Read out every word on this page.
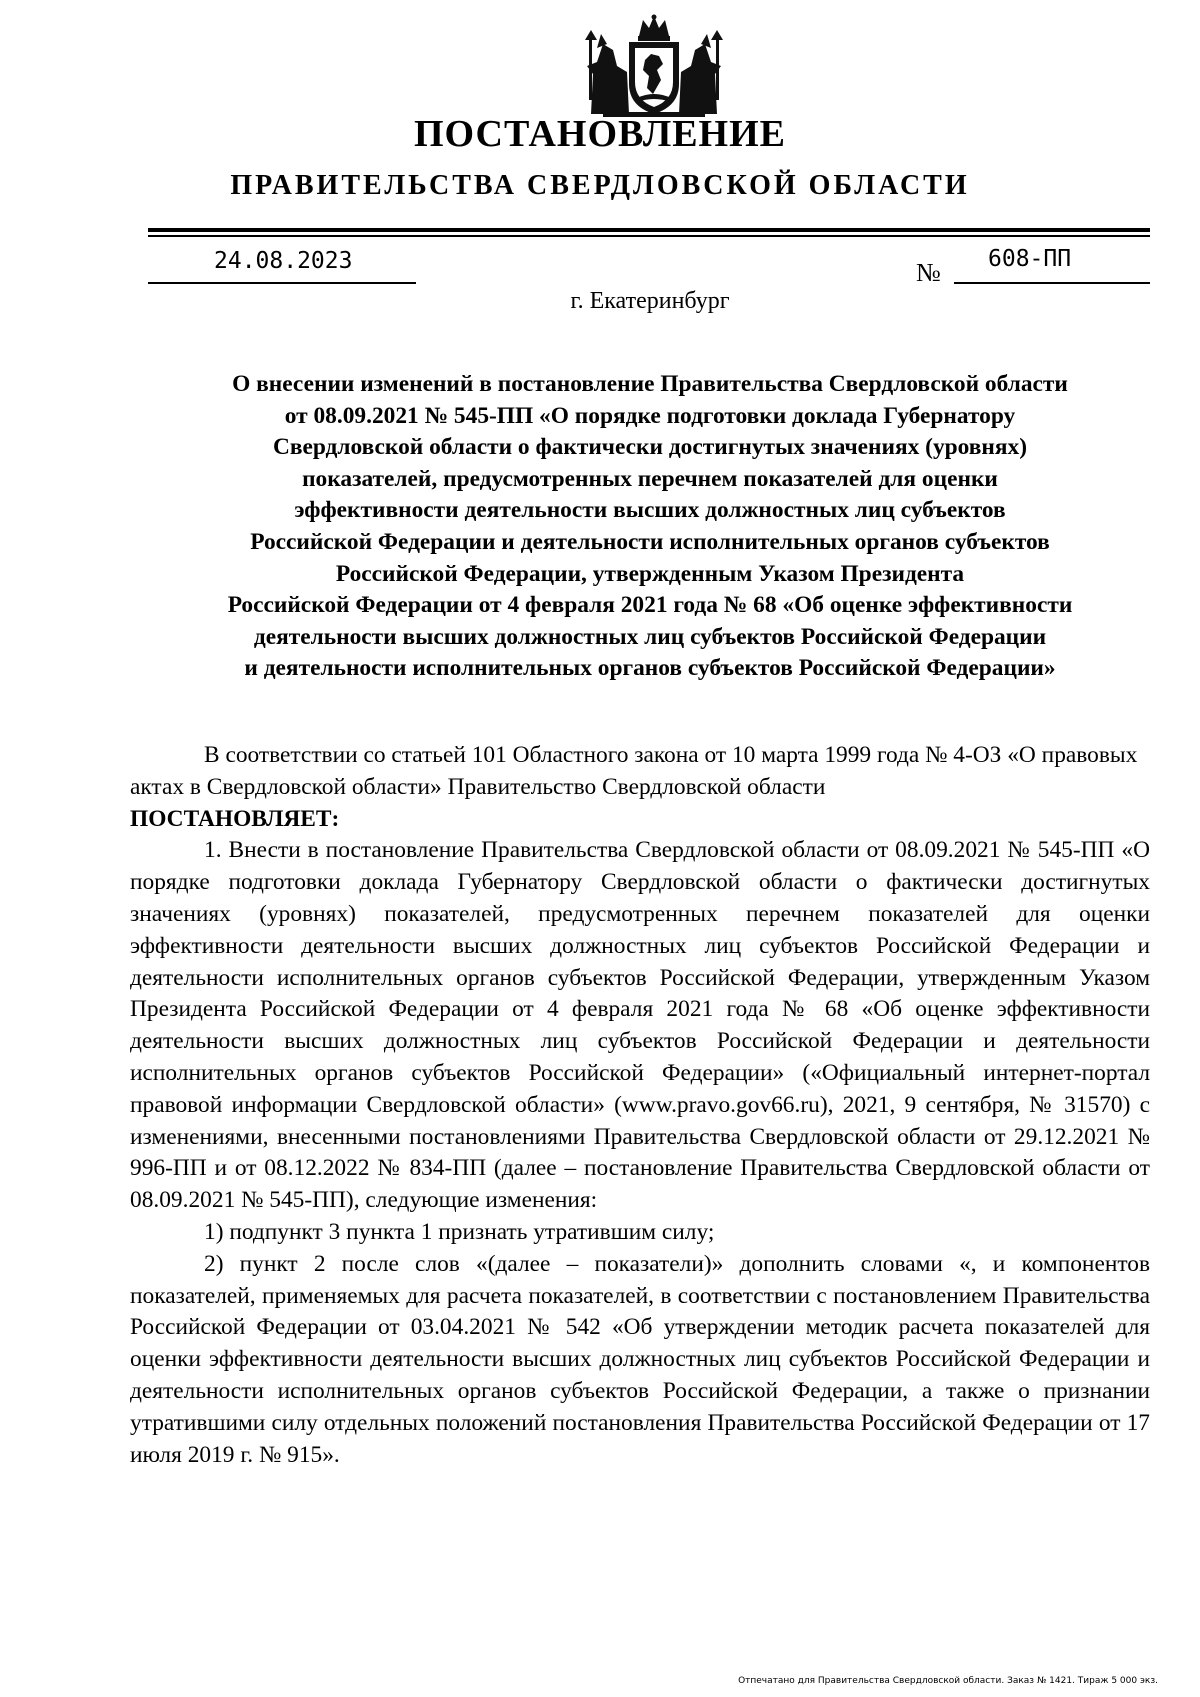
ПОСТАНОВЛЕНИЕ
ПРАВИТЕЛЬСТВА СВЕРДЛОВСКОЙ ОБЛАСТИ
24.08.2023	№ 608-ПП
г. Екатеринбург
О внесении изменений в постановление Правительства Свердловской области
от 08.09.2021 № 545-ПП «О порядке подготовки доклада Губернатору
Свердловской области о фактически достигнутых значениях (уровнях)
показателей, предусмотренных перечнем показателей для оценки
эффективности деятельности высших должностных лиц субъектов
Российской Федерации и деятельности исполнительных органов субъектов
Российской Федерации, утвержденным Указом Президента
Российской Федерации от 4 февраля 2021 года № 68 «Об оценке эффективности
деятельности высших должностных лиц субъектов Российской Федерации
и деятельности исполнительных органов субъектов Российской Федерации»

В соответствии со статьей 101 Областного закона от 10 марта 1999 года № 4-ОЗ «О правовых актах в Свердловской области» Правительство Свердловской области

ПОСТАНОВЛЯЕТ:

1. Внести в постановление Правительства Свердловской области от 08.09.2021 № 545-ПП «О порядке подготовки доклада Губернатору Свердловской области о фактически достигнутых значениях (уровнях) показателей, предусмотренных перечнем показателей для оценки эффективности деятельности высших должностных лиц субъектов Российской Федерации и деятельности исполнительных органов субъектов Российской Федерации, утвержденным Указом Президента Российской Федерации от 4 февраля 2021 года № 68 «Об оценке эффективности деятельности высших должностных лиц субъектов Российской Федерации и деятельности исполнительных органов субъектов Российской Федерации» («Официальный интернет-портал правовой информации Свердловской области» (www.pravo.gov66.ru), 2021, 9 сентября, № 31570) с изменениями, внесенными постановлениями Правительства Свердловской области от 29.12.2021 № 996-ПП и от 08.12.2022 № 834-ПП (далее – постановление Правительства Свердловской области от 08.09.2021 № 545-ПП), следующие изменения:

1) подпункт 3 пункта 1 признать утратившим силу;

2) пункт 2 после слов «(далее – показатели)» дополнить словами «, и компонентов показателей, применяемых для расчета показателей, в соответствии с постановлением Правительства Российской Федерации от 03.04.2021 № 542 «Об утверждении методик расчета показателей для оценки эффективности деятельности высших должностных лиц субъектов Российской Федерации и деятельности исполнительных органов субъектов Российской Федерации, а также о признании утратившими силу отдельных положений постановления Правительства Российской Федерации от 17 июля 2019 г. № 915».

Отпечатано для Правительства Свердловской области. Заказ № 1421. Тираж 5 000 экз.
